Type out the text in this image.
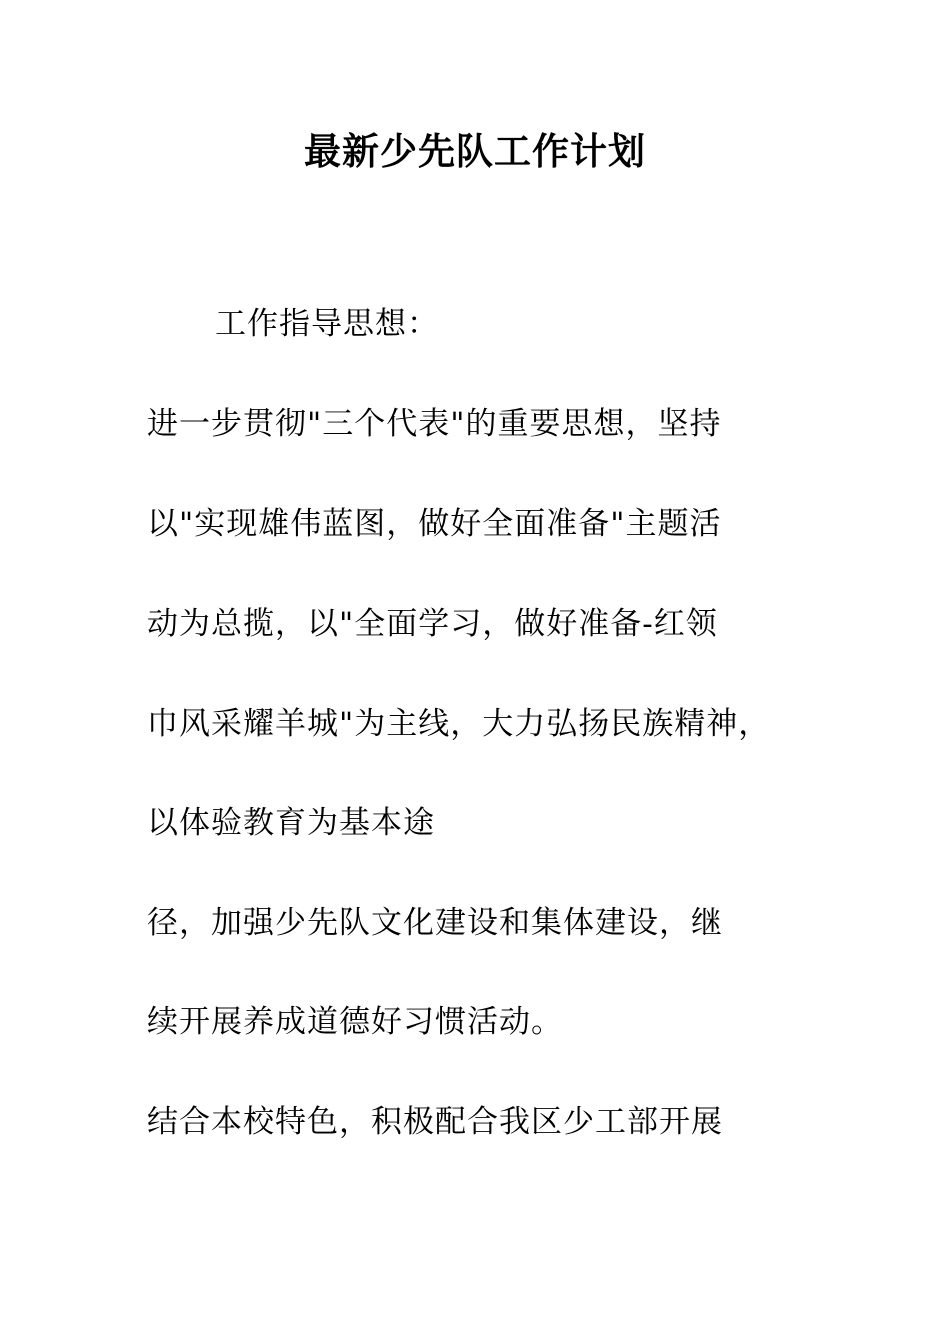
最新少先队工作计划
工作指导思想：
进一步贯彻"三个代表"的重要思想，坚持
以"实现雄伟蓝图，做好全面准备"主题活
动为总揽，以"全面学习，做好准备-红领
巾风采耀羊城"为主线，大力弘扬民族精神，
以体验教育为基本途
径，加强少先队文化建设和集体建设，继
续开展养成道德好习惯活动。
结合本校特色，积极配合我区少工部开展
